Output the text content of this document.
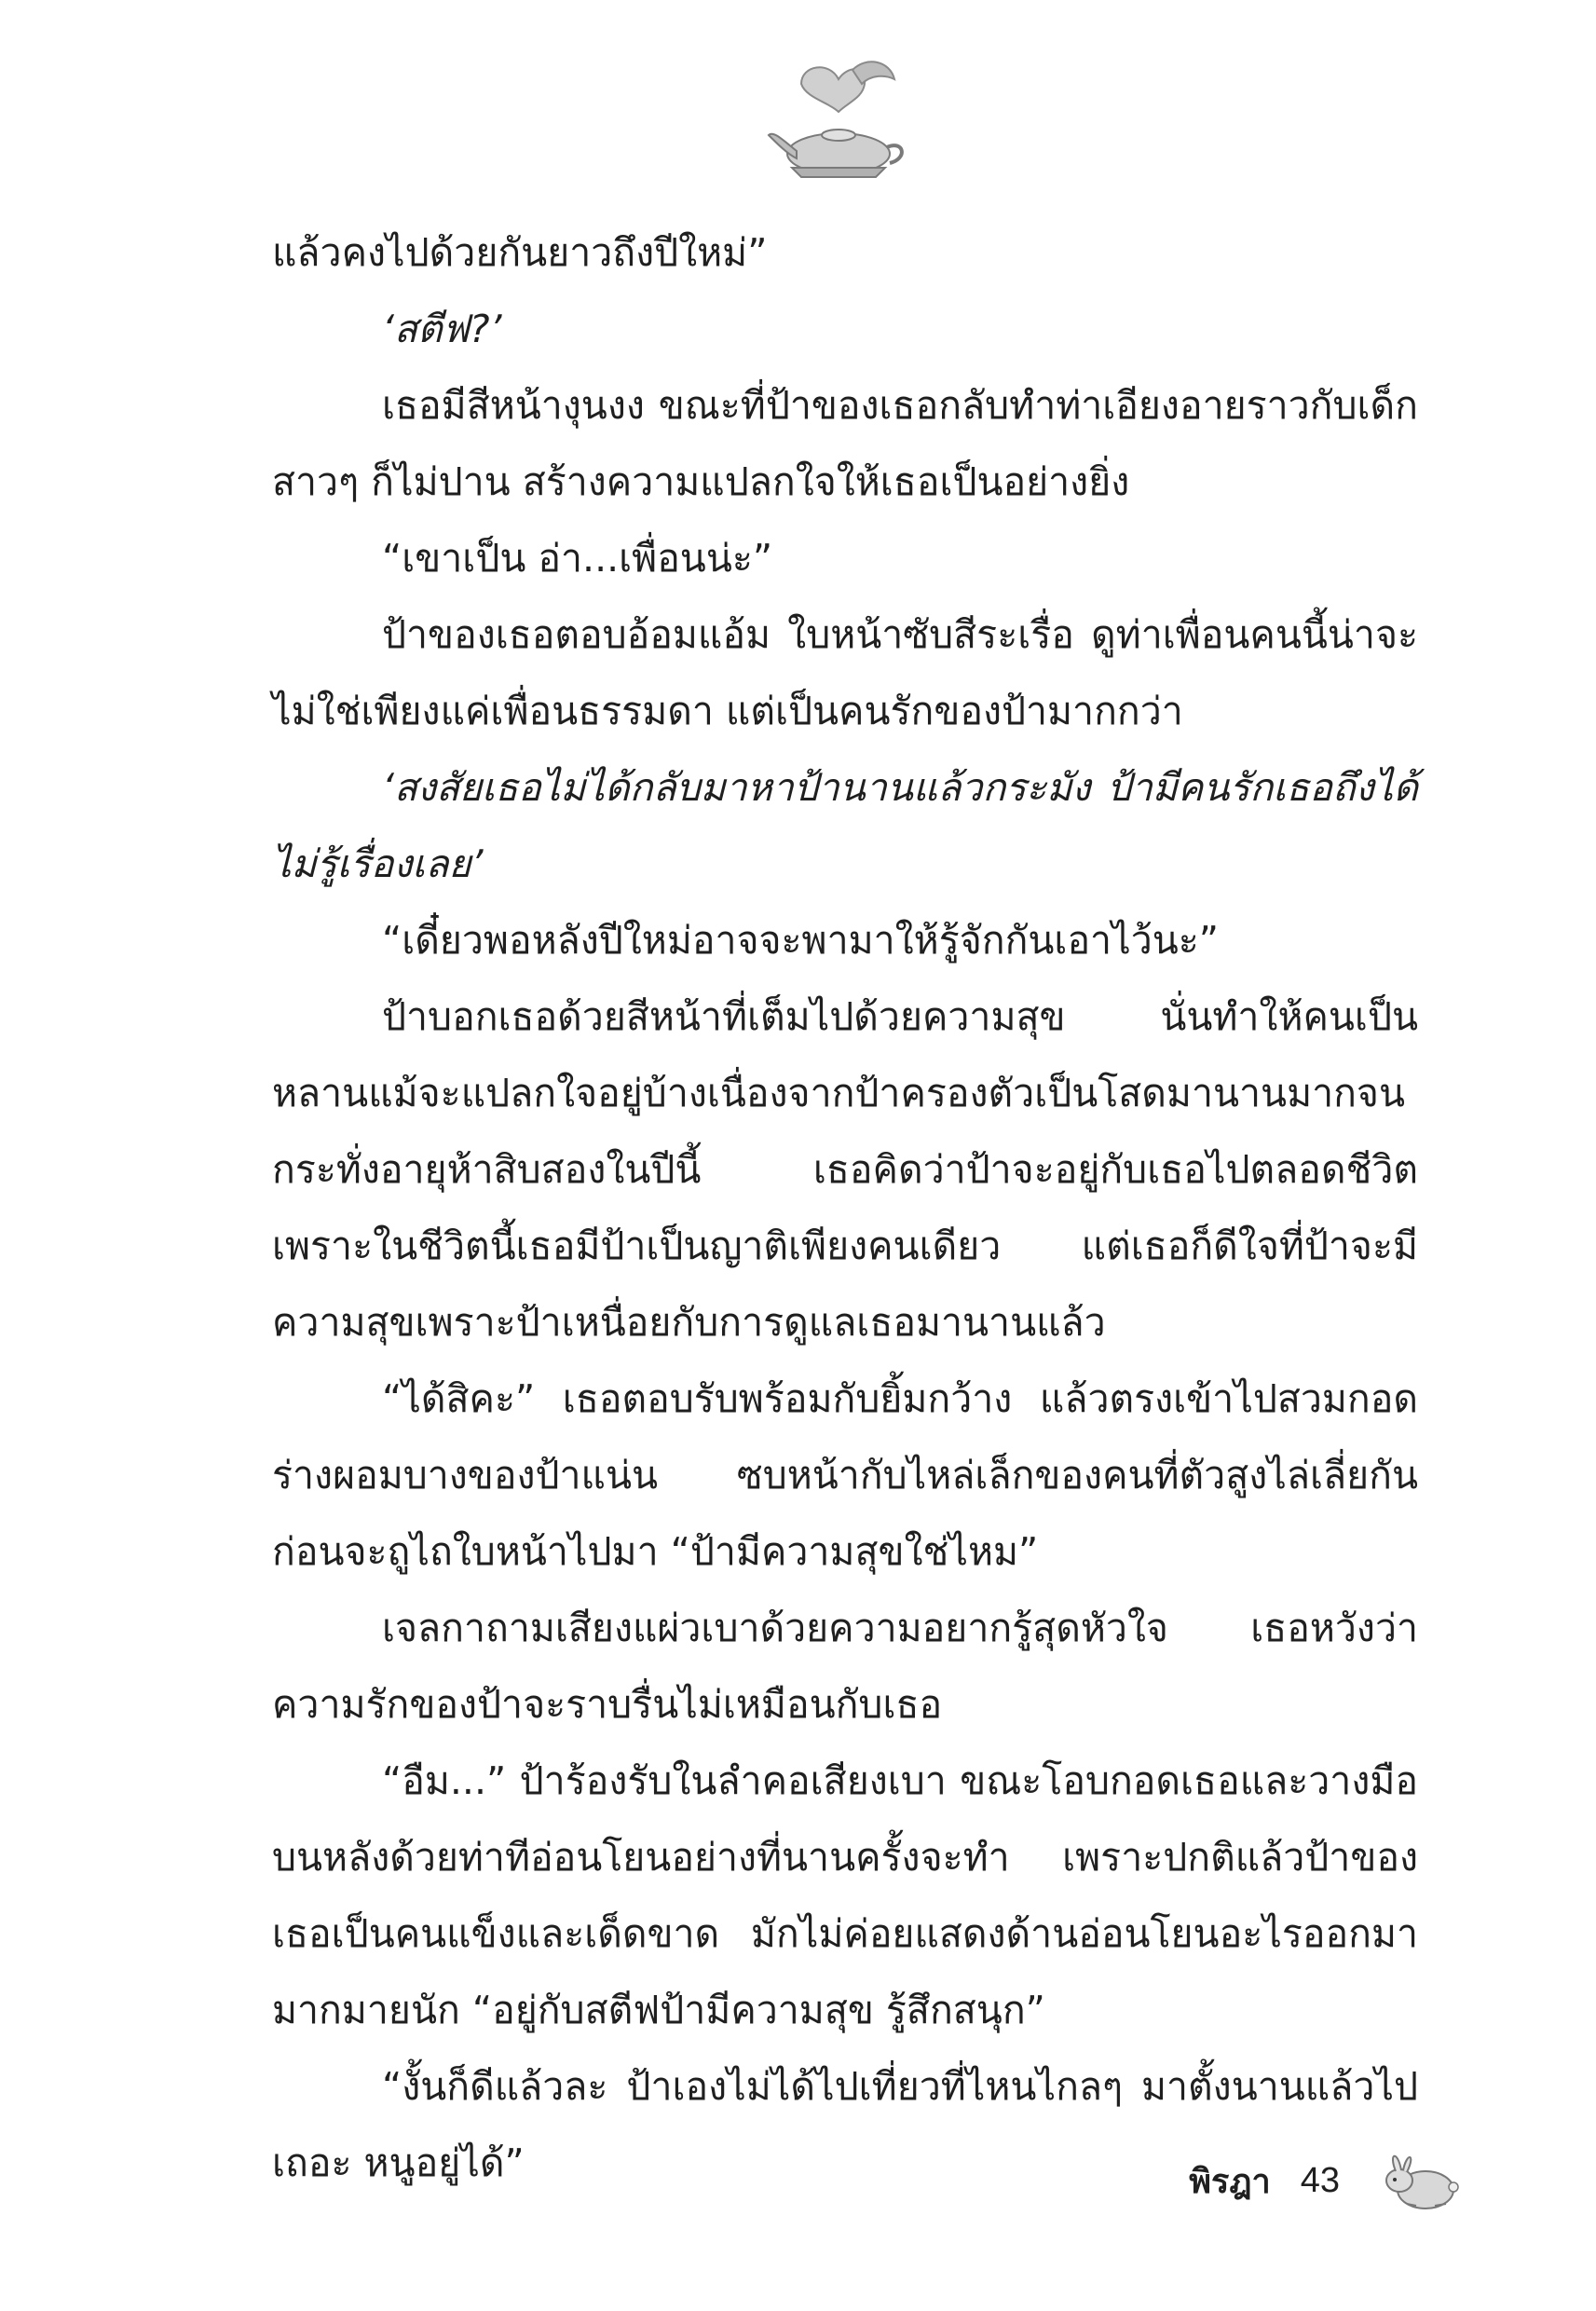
แล้วคงไปด้วยกันยาวถึงปีใหม่”

‘สตีฟ?’

เธอมีสีหน้างุนงง ขณะที่ป้าของเธอกลับทำท่าเอียงอายราวกับเด็กสาวๆ ก็ไม่ปาน สร้างความแปลกใจให้เธอเป็นอย่างยิ่ง

“เขาเป็น อ่า...เพื่อนน่ะ”

ป้าของเธอตอบอ้อมแอ้ม ใบหน้าซับสีระเรื่อ ดูท่าเพื่อนคนนี้น่าจะไม่ใช่เพียงแค่เพื่อนธรรมดา แต่เป็นคนรักของป้ามากกว่า

‘สงสัยเธอไม่ได้กลับมาหาป้านานแล้วกระมัง ป้ามีคนรักเธอถึงได้ไม่รู้เรื่องเลย’

“เดี๋ยวพอหลังปีใหม่อาจจะพามาให้รู้จักกันเอาไว้นะ”

ป้าบอกเธอด้วยสีหน้าที่เต็มไปด้วยความสุข นั่นทำให้คนเป็นหลานแม้จะแปลกใจอยู่บ้างเนื่องจากป้าครองตัวเป็นโสดมานานมากจนกระทั่งอายุห้าสิบสองในปีนี้ เธอคิดว่าป้าจะอยู่กับเธอไปตลอดชีวิต เพราะในชีวิตนี้เธอมีป้าเป็นญาติเพียงคนเดียว แต่เธอก็ดีใจที่ป้าจะมีความสุขเพราะป้าเหนื่อยกับการดูแลเธอมานานแล้ว

“ได้สิคะ” เธอตอบรับพร้อมกับยิ้มกว้าง แล้วตรงเข้าไปสวมกอดร่างผอมบางของป้าแน่น ซบหน้ากับไหล่เล็กของคนที่ตัวสูงไล่เลี่ยกันก่อนจะถูไถใบหน้าไปมา “ป้ามีความสุขใช่ไหม”

เจลกาถามเสียงแผ่วเบาด้วยความอยากรู้สุดหัวใจ เธอหวังว่าความรักของป้าจะราบรื่นไม่เหมือนกับเธอ

“อืม...” ป้าร้องรับในลำคอเสียงเบา ขณะโอบกอดเธอและวางมือบนหลังด้วยท่าทีอ่อนโยนอย่างที่นานครั้งจะทำ เพราะปกติแล้วป้าของเธอเป็นคนแข็งและเด็ดขาด มักไม่ค่อยแสดงด้านอ่อนโยนอะไรออกมามากมายนัก “อยู่กับสตีฟป้ามีความสุข รู้สึกสนุก”

“งั้นก็ดีแล้วละ ป้าเองไม่ได้ไปเที่ยวที่ไหนไกลๆ มาตั้งนานแล้วไปเถอะ หนูอยู่ได้”	พิรฎา 43
